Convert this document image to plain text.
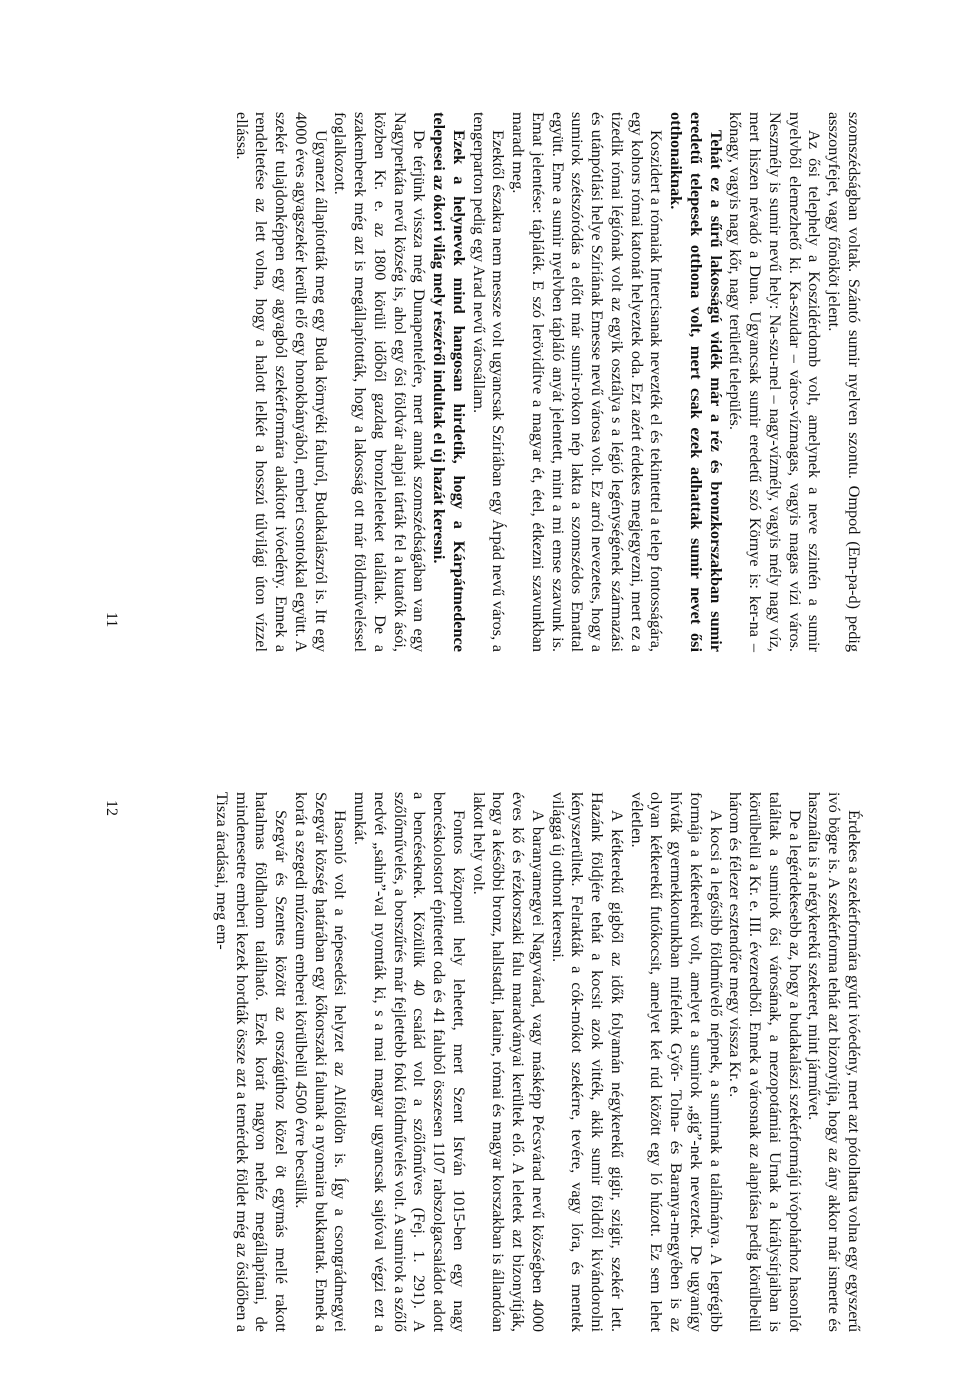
szomszédságban voltak. Szántó sumir nyelven szontu. Ompod (Em-pa-d) pedig asszonyfejet, vagy főnököt jelent.

Az ősi telephely a Koszidérdomb volt, amelynek a neve szintén a sumir nyelvből elemezhető ki. Ka-szudar – város-vízmagas, vagyis magas vízi város. Neszmély is sumir nevű hely: Na-szu-mel – nagy-vízmély, vagyis mély nagy víz, mert hiszen névadó a Duna. Ugyancsak sumir eredetű szó Környe is: ker-na – kőnagy, vagyis nagy kőr, nagy területű település.

Tehát ez a sűrű lakosságú vidék már a réz és bronzkorszakban sumir eredetű telepesek otthona volt, mert csak ezek adhattak sumir nevet ősi otthonaiknak.

Koszidert a rómaiak Intercisanak nevezték el és tekintettel a telep fontosságára, egy kohors római katonát helyeztek oda. Ezt azért érdekes megjegyezni, mert ez a tizedik római légiónak volt az egyik osztálya s a légió legénységének származási és utánpótlási helye Szíriának Emesse nevű városa volt. Ez arról nevezetes, hogy a sumirok szétszóródás a előtt már sumir-rokon nép lakta a szomszédos Emattal együtt. Eme a sumir nyelvben tápláló anyát jelentett, mint a mi emse szavunk is. Emat jelentése: táplálék. E szó lerövidítve a magyar ét, étel, étkezni szavunkban maradt meg.

Ezektől északra nem messze volt ugyancsak Szíriában egy Árpád nevű város, a tengerparton pedig egy Arad nevű városállam.

Ezek a helynevek mind hangosan hirdetik, hogy a Kárpátmedence telepesei az ókori világ mely részéről indultak el új hazát keresni.

De térjünk vissza még Dunapentelére, mert annak szomszédságában van egy Nagyperkáta nevű község is, ahol egy ősi földvár alapjai tárták fel a kutatók ásói, közben Kr. e. az 1800 körüli időből gazdag bronzleleteket találtak. De a szakemberek még azt is megállapították, hogy a lakosság ott már földműveléssel foglalkozott.

Ugyanezt állapították meg egy Buda környéki faluról, Budakalászról is. Itt egy 4000 éves agyagszekér került elő egy honokbányából, emberi csontokkal együtt. A szekér tulajdonképpen egy agyagból szekérformára alakított ivóedény. Ennek a rendeltetése az lett volna, hogy a halott lelkét a hosszú túlvilági úton vízzel ellássa.

11

Érdekes a szekérformára gyúrt ivóedény, mert azt pótolhatta volna egy egyszerű ivó bögre is. A szekérforma tehát azt bizonyítja, hogy az ány akkor már ismerte és használta is a négykerekű szekeret, mint járművet.

De a legérdekesebb az, hogy a budakalászi szekérformájú ivópohárhoz hasonlót találtak a sumirok ősi városának, a mezopotámiai Urnak a királysírjaiban is körülbelül a Kr. e. III. évezredből. Ennek a városnak az alapítása pedig körülbelül három és félezer esztendőre megy vissza Kr. e.

A kocsi a legősibb földművelő népnek, a sumirnak a találmánya. A legrégibb formája a kétkerekű volt, amelyet a sumirok „gig”-nek neveztek. De ugyanígy hívták gyermekkorunkban mifelénk Győr- Tolna- és Baranya-megyében is az olyan kétkerekű futókocsit, amelyet két rúd között egy ló húzott. Ez sem lehet véletlen.

A kétkerekű gigből az idők folyamán négykerekű gigir, szigir, szekér lett. Hazánk földjére tehát a kocsit azok vitték, akik sumir földről kivándorolni kényszerültek. Felrakták a cók-mókot szekérre, tevére, vagy lóra, és mentek világgá új otthont keresni.

A baranyamegyei Nagyvárad, vagy másképp Pécsvárad nevű községben 4000 éves kő és rézkorszaki falu maradványai kerültek elő. A leletek azt bizonyítják, hogy a későbbi bronz, hallstadti, lataine, római és magyar korszakban is állandóan lakott hely volt.

Fontos központi hely lehetett, mert Szent István 1015-ben egy nagy bencéskolostort építtetett oda és 41 faluból összesen 1107 rabszolgacsaládot adott a bencéseknek. Közülük 40 család volt a szőlőműves (Fej. 1. 291). A szőlőművelés, a borszűrés már fejlettebb fokú földművelés volt. A sumirok a szőlő nedvét „sahin”-val nyomták ki, s a mai magyar ugyancsak sajtóval végzi ezt a munkát.

Hasonló volt a népesedési helyzet az Alföldön is. Így a csongrádmegyei Szegvár község határában egy kőkorszaki falunak a nyomaira bukkantak. Ennek a korát a szegedi múzeum emberei körülbelül 4500 évre becsülik.

Szegvár és Szentes között az országúthoz közel öt egymás mellé rakott hatalmas földhalom található. Ezek korát nagyon nehéz megállapítani, de mindenesetre emberi kezek hordták össze azt a temérdek földet még az ősidőben a Tisza áradásai, meg em-

12
